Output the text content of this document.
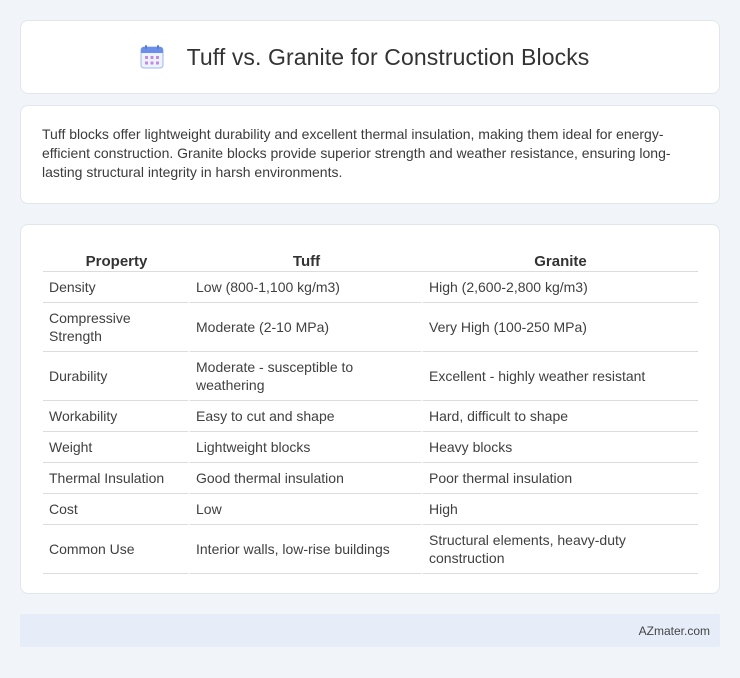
Tuff vs. Granite for Construction Blocks

Tuff blocks offer lightweight durability and excellent thermal insulation, making them ideal for energy-efficient construction. Granite blocks provide superior strength and weather resistance, ensuring long-lasting structural integrity in harsh environments.

Property	Tuff	Granite
Density	Low (800-1,100 kg/m3)	High (2,600-2,800 kg/m3)
Compressive Strength	Moderate (2-10 MPa)	Very High (100-250 MPa)
Durability	Moderate - susceptible to weathering	Excellent - highly weather resistant
Workability	Easy to cut and shape	Hard, difficult to shape
Weight	Lightweight blocks	Heavy blocks
Thermal Insulation	Good thermal insulation	Poor thermal insulation
Cost	Low	High
Common Use	Interior walls, low-rise buildings	Structural elements, heavy-duty construction
AZmater.com
